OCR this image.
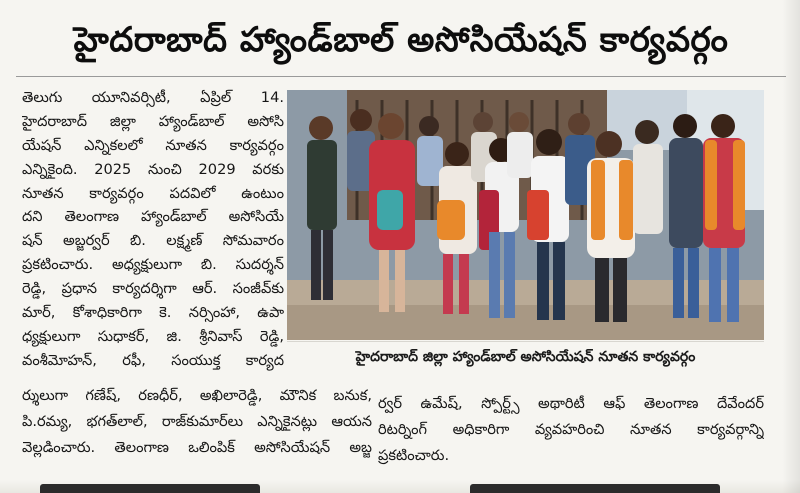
హైదరాబాద్ హ్యాండ్‌బాల్ అసోసియేషన్ కార్యవర్గం
తెలుగు యూనివర్సిటీ, ఏప్రిల్ 14.
హైదరాబాద్ జిల్లా హ్యాండ్‌బాల్ అసోసి
యేషన్ ఎన్నికలలో నూతన కార్యవర్గం
ఎన్నికైంది. 2025 నుంచి 2029 వరకు
నూతన కార్యవర్గం పదవిలో ఉంటుం
దని తెలంగాణ హ్యాండ్‌బాల్ అసోసియే
షన్ అబ్జర్వర్ బి. లక్ష్మణ్ సోమవారం
ప్రకటించారు. అధ్యక్షులుగా బి. సుదర్శన్
రెడ్డి, ప్రధాన కార్యదర్శిగా ఆర్. సంజీవ్‌కు
మార్, కోశాధికారిగా కె. నర్సింహా, ఉపా
ధ్యక్షులుగా సుధాకర్, జి. శ్రీనివాస్ రెడ్డి,
వంశీమోహన్, రఫీ, సంయుక్త కార్యద
ర్శులుగా గణేష్, రణధీర్, అఖిలారెడ్డి, మౌనిక బనుక,
పి.రమ్య, భగత్‌లాల్, రాజ్‌కుమార్‌లు ఎన్నికైనట్లు ఆయన
వెల్లడించారు. తెలంగాణ ఒలింపిక్ అసోసియేషన్ అబ్జ
హైదరాబాద్ జిల్లా హ్యాండ్‌బాల్ అసోసియేషన్ నూతన కార్యవర్గం
ర్వర్ ఉమేష్, స్పోర్ట్స్ అథారిటీ ఆఫ్ తెలంగాణ దేవేందర్
రిటర్నింగ్ అధికారిగా వ్యవహరించి నూతన కార్యవర్గాన్ని
ప్రకటించారు.
